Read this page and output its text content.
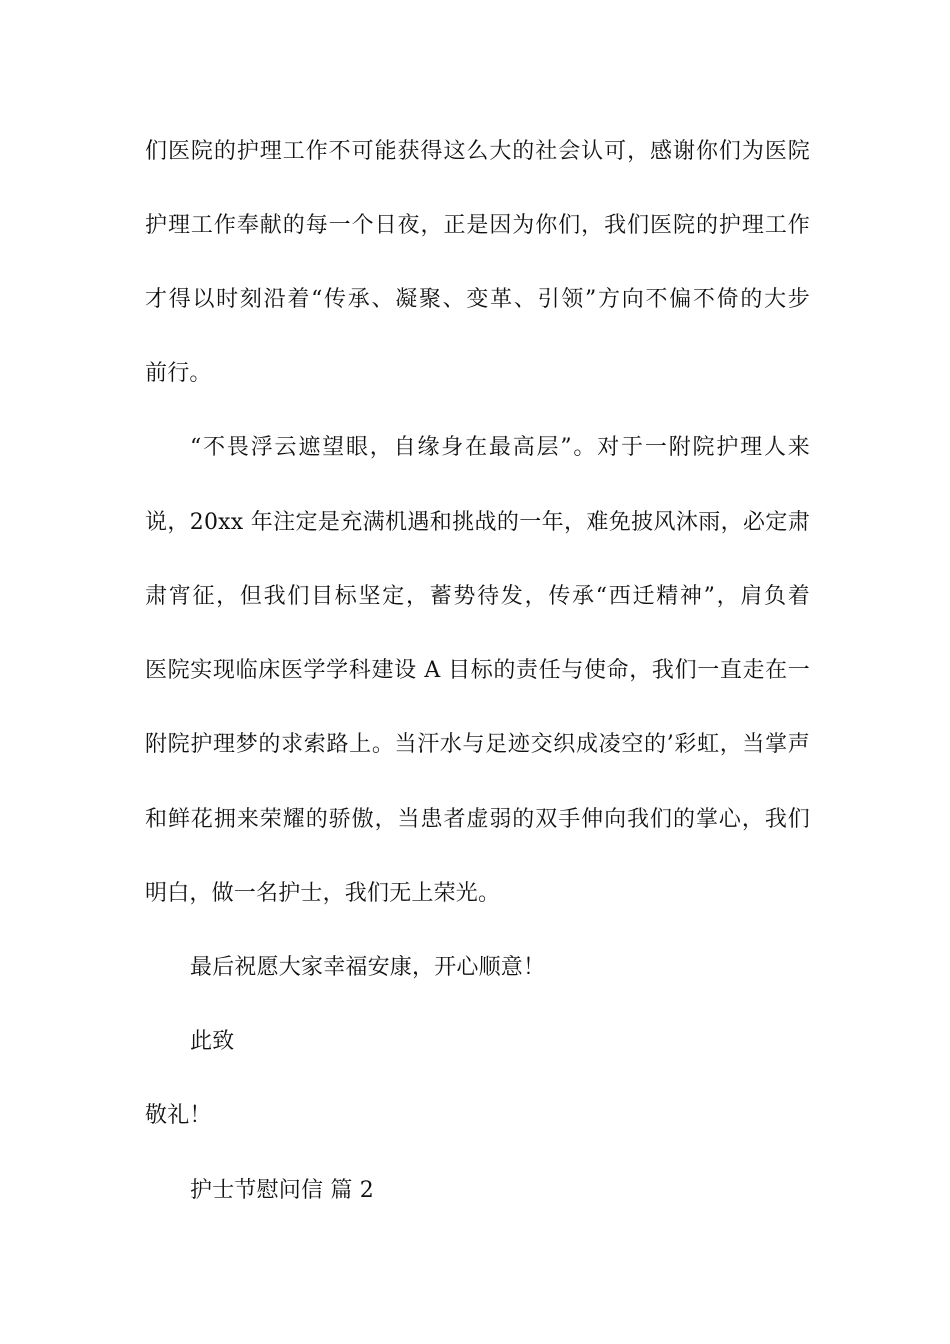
们医院的护理工作不可能获得这么大的社会认可，感谢你们为医院
护理工作奉献的每一个日夜，正是因为你们，我们医院的护理工作
才得以时刻沿着“传承、凝聚、变革、引领”方向不偏不倚的大步
前行。
“不畏浮云遮望眼，自缘身在最高层”。对于一附院护理人来
说，20xx 年注定是充满机遇和挑战的一年，难免披风沐雨，必定肃
肃宵征，但我们目标坚定，蓄势待发，传承“西迁精神”，肩负着
医院实现临床医学学科建设 A 目标的责任与使命，我们一直走在一
附院护理梦的求索路上。当汗水与足迹交织成凌空的’彩虹，当掌声
和鲜花拥来荣耀的骄傲，当患者虚弱的双手伸向我们的掌心，我们
明白，做一名护士，我们无上荣光。
最后祝愿大家幸福安康，开心顺意！
此致
敬礼！
护士节慰问信 篇 2
